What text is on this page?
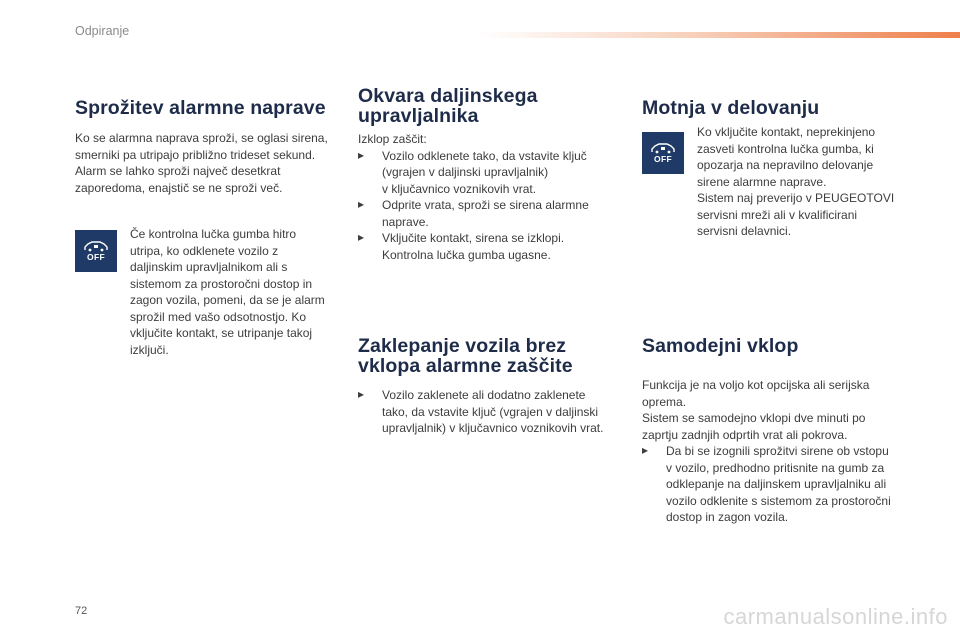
Odpiranje
Sprožitev alarmne naprave

Ko se alarmna naprava sproži, se oglasi sirena,
smerniki pa utripajo približno trideset sekund.
Alarm se lahko sproži največ desetkrat
zaporedoma, enajstič se ne sproži več.

OFF

Če kontrolna lučka gumba hitro
utripa, ko odklenete vozilo z
daljinskim upravljalnikom ali s
sistemom za prostoročni dostop in
zagon vozila, pomeni, da se je alarm
sprožil med vašo odsotnostjo. Ko
vključite kontakt, se utripanje takoj
izključi.

Okvara daljinskega
upravljalnika

Izklop zaščit:

▸ Vozilo odklenete tako, da vstavite ključ
(vgrajen v daljinski upravljalnik)
v ključavnico voznikovih vrat.

▸ Odprite vrata, sproži se sirena alarmne
naprave.

▸ Vključite kontakt, sirena se izklopi.
Kontrolna lučka gumba ugasne.

Zaklepanje vozila brez
vklopa alarmne zaščite
▸ Vozilo zaklenete ali dodatno zaklenete
tako, da vstavite ključ (vgrajen v daljinski
upravljalnik) v ključavnico voznikovih vrat.

Motnja v delovanju
OFF

Ko vključite kontakt, neprekinjeno
zasveti kontrolna lučka gumba, ki
opozarja na nepravilno delovanje
sirene alarmne naprave.
Sistem naj preverijo v PEUGEOTOVI
servisni mreži ali v kvalificirani
servisni delavnici.

Samodejni vklop

Funkcija je na voljo kot opcijska ali serijska
oprema.
Sistem se samodejno vklopi dve minuti po
zaprtju zadnjih odprtih vrat ali pokrova.

▸ Da bi se izognili sprožitvi sirene ob vstopu
v vozilo, predhodno pritisnite na gumb za
odklepanje na daljinskem upravljalniku ali
vozilo odklenite s sistemom za prostoročni
dostop in zagon vozila.

72	carmanualsonline.info
